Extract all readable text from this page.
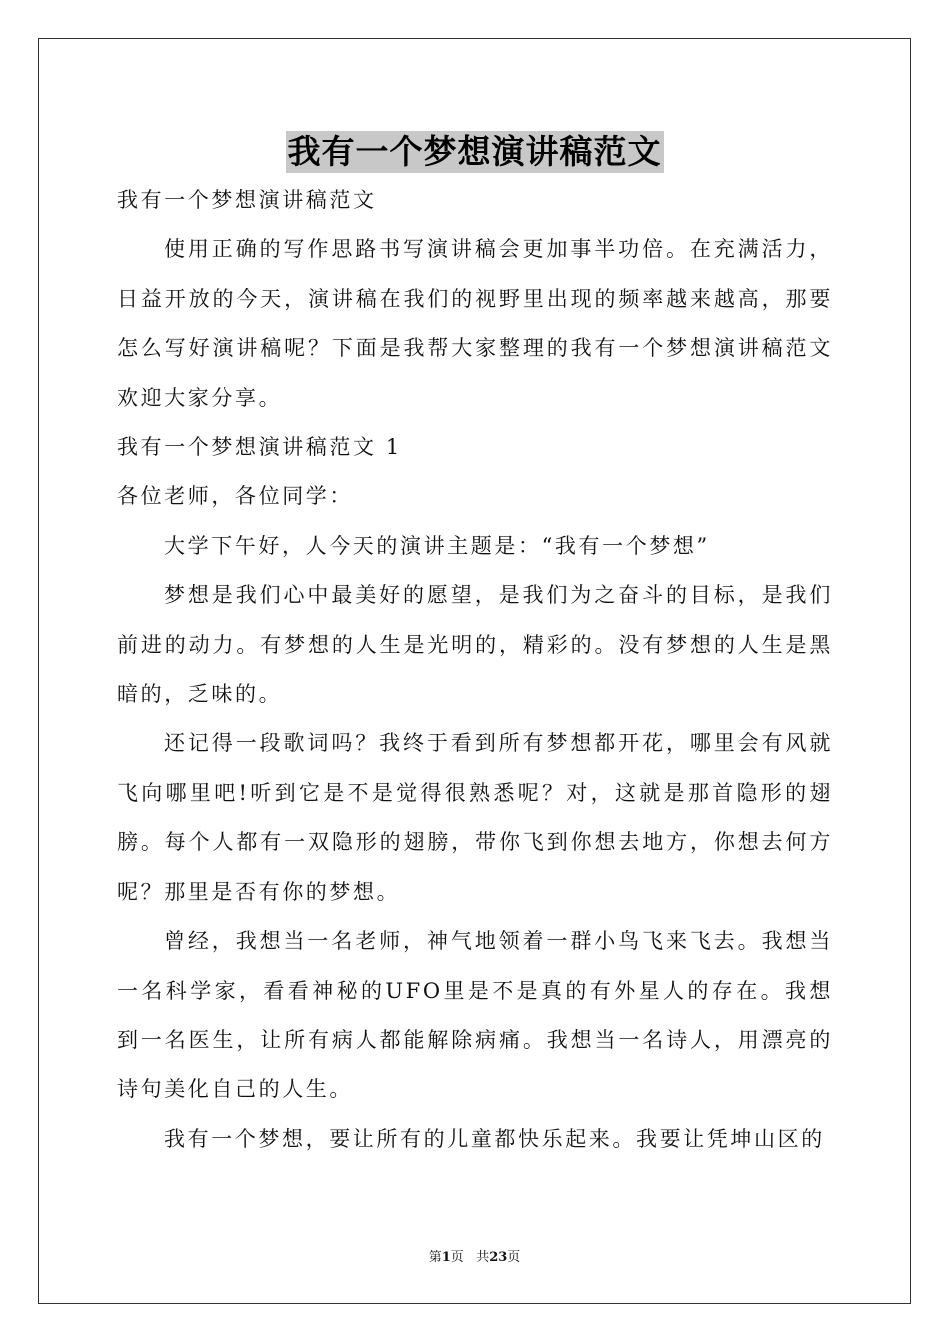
我有一个梦想演讲稿范文

我有一个梦想演讲稿范文

使用正确的写作思路书写演讲稿会更加事半功倍。在充满活力，日益开放的今天，演讲稿在我们的视野里出现的频率越来越高，那要怎么写好演讲稿呢？下面是我帮大家整理的我有一个梦想演讲稿范文欢迎大家分享。

我有一个梦想演讲稿范文 1

各位老师，各位同学：

大学下午好，人今天的演讲主题是：“我有一个梦想”

梦想是我们心中最美好的愿望，是我们为之奋斗的目标，是我们前进的动力。有梦想的人生是光明的，精彩的。没有梦想的人生是黑暗的，乏味的。

还记得一段歌词吗？我终于看到所有梦想都开花，哪里会有风就飞向哪里吧!听到它是不是觉得很熟悉呢？对，这就是那首隐形的翅膀。每个人都有一双隐形的翅膀，带你飞到你想去地方，你想去何方呢？那里是否有你的梦想。

曾经，我想当一名老师，神气地领着一群小鸟飞来飞去。我想当一名科学家，看看神秘的UFO里是不是真的有外星人的存在。我想到一名医生，让所有病人都能解除病痛。我想当一名诗人，用漂亮的诗句美化自己的人生。

我有一个梦想，要让所有的儿童都快乐起来。我要让凭坤山区的

第1页 共23页
